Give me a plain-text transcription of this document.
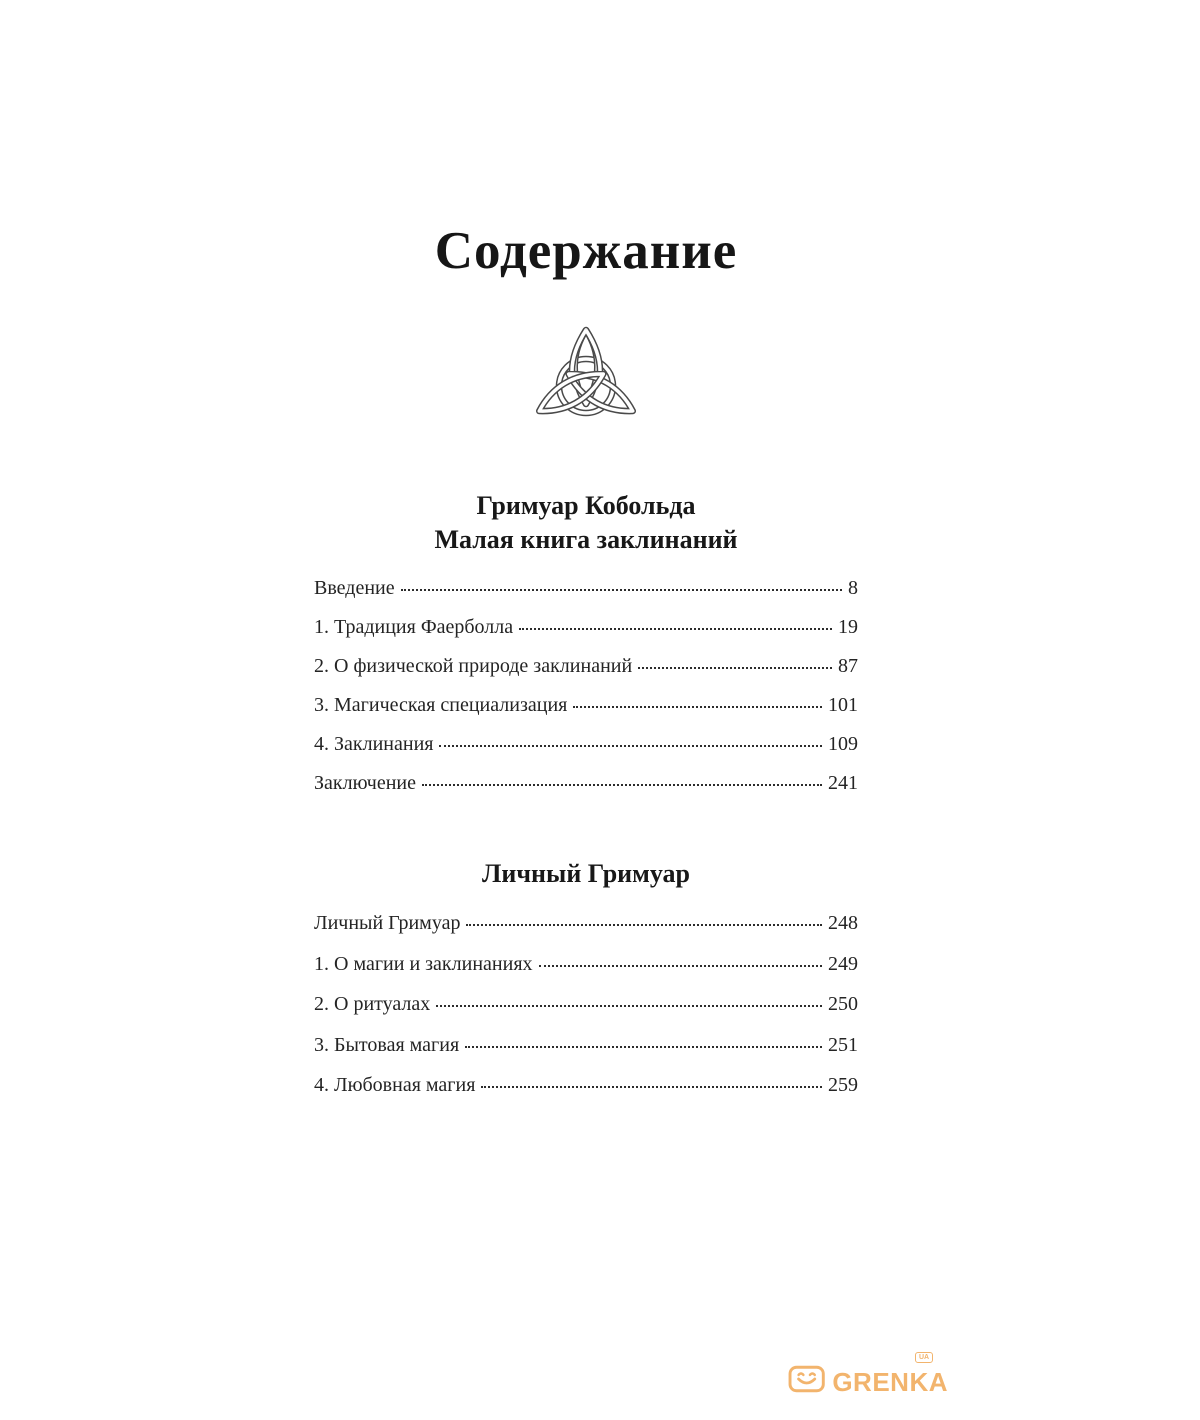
Содержание
Гримуар Кобольда
Малая книга заклинаний
Введение	8
1. Традиция Фаерболла	19
2. О физической природе заклинаний	87
3. Магическая специализация	101
4. Заклинания	109
Заключение	241
Личный Гримуар
Личный Гримуар	248
1. О магии и заклинаниях	249
2. О ритуалах	250
3. Бытовая магия	251
4. Любовная магия	259
GRENKA
UA
